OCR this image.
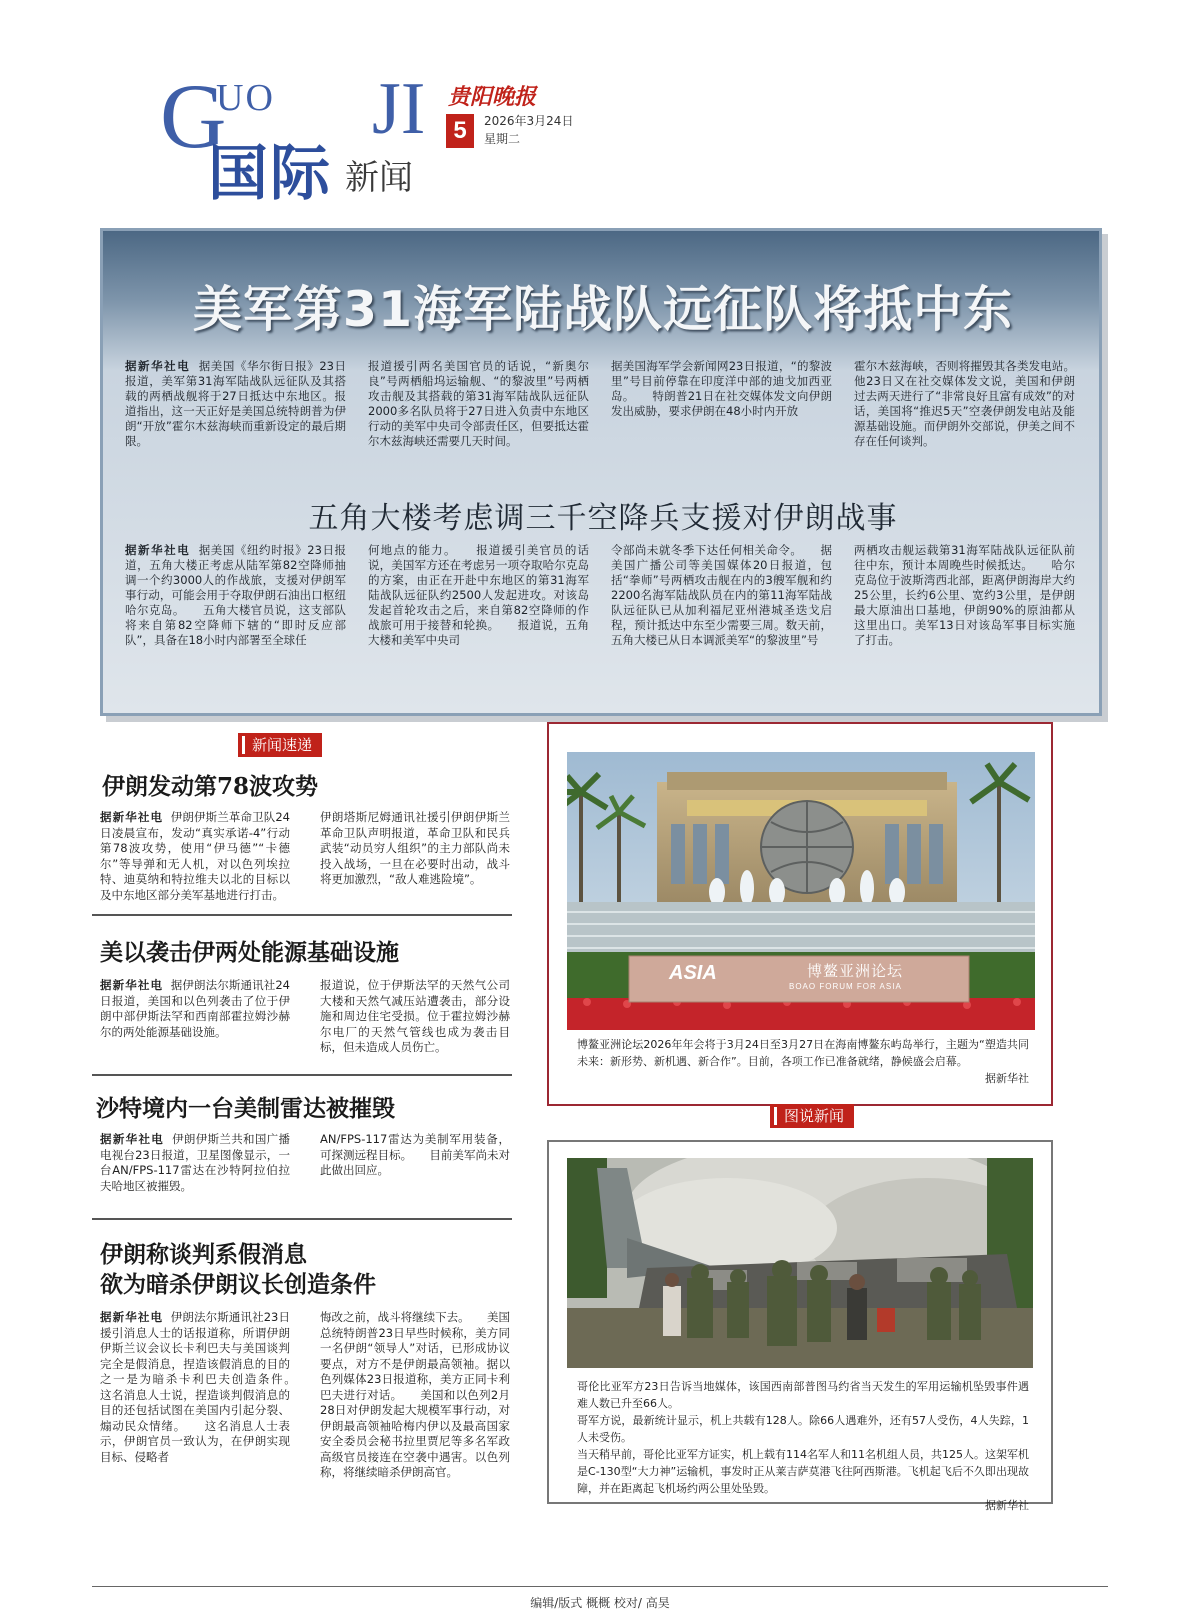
G
UO JI
国际 新闻
贵阳晚报
5	2026年3月24日
星期二
美军第31海军陆战队远征队将抵中东
据新华社电 据美国《华尔街日报》23日报道，美军第31海军陆战队远征队及其搭载的两栖战舰将于27日抵达中东地区。报道指出，这一天正好是美国总统特朗普为伊朗“开放”霍尔木兹海峡而重新设定的最后期限。
报道援引两名美国官员的话说，“新奥尔良”号两栖船坞运输舰、“的黎波里”号两栖攻击舰及其搭载的第31海军陆战队远征队2000多名队员将于27日进入负责中东地区行动的美军中央司令部责任区，但要抵达霍尔木兹海峡还需要几天时间。
据美国海军学会新闻网23日报道，“的黎波里”号目前停靠在印度洋中部的迪戈加西亚岛。　　特朗普21日在社交媒体发文向伊朗发出威胁，要求伊朗在48小时内开放
霍尔木兹海峡，否则将摧毁其各类发电站。他23日又在社交媒体发文说，美国和伊朗过去两天进行了“非常良好且富有成效”的对话，美国将“推迟5天”空袭伊朗发电站及能源基础设施。而伊朗外交部说，伊美之间不存在任何谈判。
五角大楼考虑调三千空降兵支援对伊朗战事
据新华社电 据美国《纽约时报》23日报道，五角大楼正考虑从陆军第82空降师抽调一个约3000人的作战旅，支援对伊朗军事行动，可能会用于夺取伊朗石油出口枢纽哈尔克岛。　　五角大楼官员说，这支部队将来自第82空降师下辖的“即时反应部队”，具备在18小时内部署至全球任
何地点的能力。　　报道援引美官员的话说，美国军方还在考虑另一项夺取哈尔克岛的方案，由正在开赴中东地区的第31海军陆战队远征队约2500人发起进攻。对该岛发起首轮攻击之后，来自第82空降师的作战旅可用于接替和轮换。　　报道说，五角大楼和美军中央司
令部尚未就冬季下达任何相关命令。　　据美国广播公司等美国媒体20日报道，包括“拳师”号两栖攻击舰在内的3艘军舰和约2200名海军陆战队员在内的第11海军陆战队远征队已从加利福尼亚州港城圣迭戈启程，预计抵达中东至少需要三周。数天前，五角大楼已从日本调派美军“的黎波里”号
两栖攻击舰运载第31海军陆战队远征队前往中东，预计本周晚些时候抵达。　　哈尔克岛位于波斯湾西北部，距离伊朗海岸大约25公里，长约6公里、宽约3公里，是伊朗最大原油出口基地，伊朗90%的原油都从这里出口。美军13日对该岛军事目标实施了打击。
新闻速递
伊朗发动第78波攻势
据新华社电 伊朗伊斯兰革命卫队24日凌晨宣布，发动“真实承诺-4”行动第78波攻势，使用“伊马德”“卡德尔”等导弹和无人机，对以色列埃拉特、迪莫纳和特拉维夫以北的目标以及中东地区部分美军基地进行打击。
伊朗塔斯尼姆通讯社援引伊朗伊斯兰革命卫队声明报道，革命卫队和民兵武装“动员穷人组织”的主力部队尚未投入战场，一旦在必要时出动，战斗将更加激烈，“敌人难逃险境”。
美以袭击伊两处能源基础设施
据新华社电 据伊朗法尔斯通讯社24日报道，美国和以色列袭击了位于伊朗中部伊斯法罕和西南部霍拉姆沙赫尔的两处能源基础设施。
报道说，位于伊斯法罕的天然气公司大楼和天然气减压站遭袭击，部分设施和周边住宅受损。位于霍拉姆沙赫尔电厂的天然气管线也成为袭击目标，但未造成人员伤亡。
沙特境内一台美制雷达被摧毁
据新华社电 伊朗伊斯兰共和国广播电视台23日报道，卫星图像显示，一台AN/FPS-117雷达在沙特阿拉伯拉夫哈地区被摧毁。
AN/FPS-117雷达为美制军用装备，可探测远程目标。　　目前美军尚未对此做出回应。
伊朗称谈判系假消息
欲为暗杀伊朗议长创造条件
据新华社电 伊朗法尔斯通讯社23日援引消息人士的话报道称，所谓伊朗伊斯兰议会议长卡利巴夫与美国谈判完全是假消息，捏造该假消息的目的之一是为暗杀卡利巴夫创造条件。　　这名消息人士说，捏造谈判假消息的目的还包括试图在美国内引起分裂、煽动民众情绪。　　这名消息人士表示，伊朗官员一致认为，在伊朗实现目标、侵略者
悔改之前，战斗将继续下去。　　美国总统特朗普23日早些时候称，美方同一名伊朗“领导人”对话，已形成协议要点，对方不是伊朗最高领袖。据以色列媒体23日报道称，美方正同卡利巴夫进行对话。　　美国和以色列2月28日对伊朗发起大规模军事行动，对伊朗最高领袖哈梅内伊以及最高国家安全委员会秘书拉里贾尼等多名军政高级官员接连在空袭中遇害。以色列称，将继续暗杀伊朗高官。
ASIA	博鳌亚洲论坛
BOAO FORUM FOR ASIA
博鳌亚洲论坛2026年年会将于3月24日至3月27日在海南博鳌东屿岛举行，主题为“塑造共同未来：新形势、新机遇、新合作”。目前，各项工作已准备就绪，静候盛会启幕。
据新华社
图说新闻
哥伦比亚军方23日告诉当地媒体，该国西南部普图马约省当天发生的军用运输机坠毁事件遇难人数已升至66人。
哥军方说，最新统计显示，机上共载有128人。除66人遇难外，还有57人受伤，4人失踪，1人未受伤。
当天稍早前，哥伦比亚军方证实，机上载有114名军人和11名机组人员，共125人。这架军机是C-130型“大力神”运输机，事发时正从莱吉萨莫港飞往阿西斯港。飞机起飞后不久即出现故障，并在距离起飞机场约两公里处坠毁。
据新华社
编辑/版式 概概 校对/ 高昊
